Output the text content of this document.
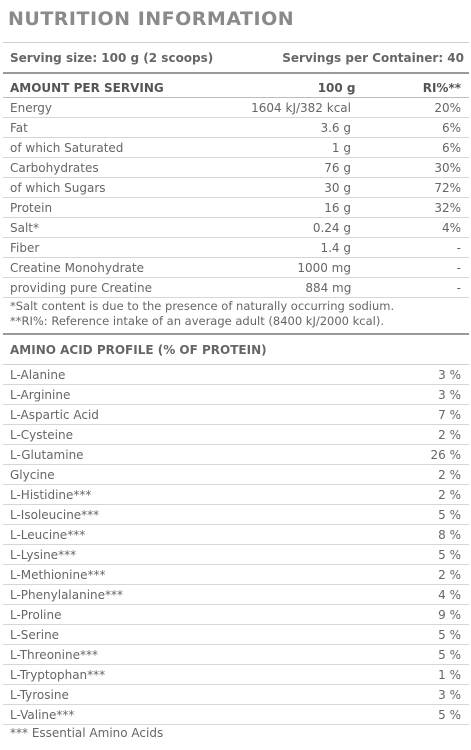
NUTRITION INFORMATION
Serving size: 100 g (2 scoops)	Servings per Container: 40
AMOUNT PER SERVING	100 g	RI%**
Energy	1604 kJ/382 kcal	20%
Fat	3.6 g	6%
of which Saturated	1 g	6%
Carbohydrates	76 g	30%
of which Sugars	30 g	72%
Protein	16 g	32%
Salt*	0.24 g	4%
Fiber	1.4 g	-
Creatine Monohydrate	1000 mg	-
providing pure Creatine	884 mg	-
*Salt content is due to the presence of naturally occurring sodium.
**RI%: Reference intake of an average adult (8400 kJ/2000 kcal).
AMINO ACID PROFILE (% OF PROTEIN)
L-Alanine	3 %
L-Arginine	3 %
L-Aspartic Acid	7 %
L-Cysteine	2 %
L-Glutamine	26 %
Glycine	2 %
L-Histidine***	2 %
L-Isoleucine***	5 %
L-Leucine***	8 %
L-Lysine***	5 %
L-Methionine***	2 %
L-Phenylalanine***	4 %
L-Proline	9 %
L-Serine	5 %
L-Threonine***	5 %
L-Tryptophan***	1 %
L-Tyrosine	3 %
L-Valine***	5 %
*** Essential Amino Acids
